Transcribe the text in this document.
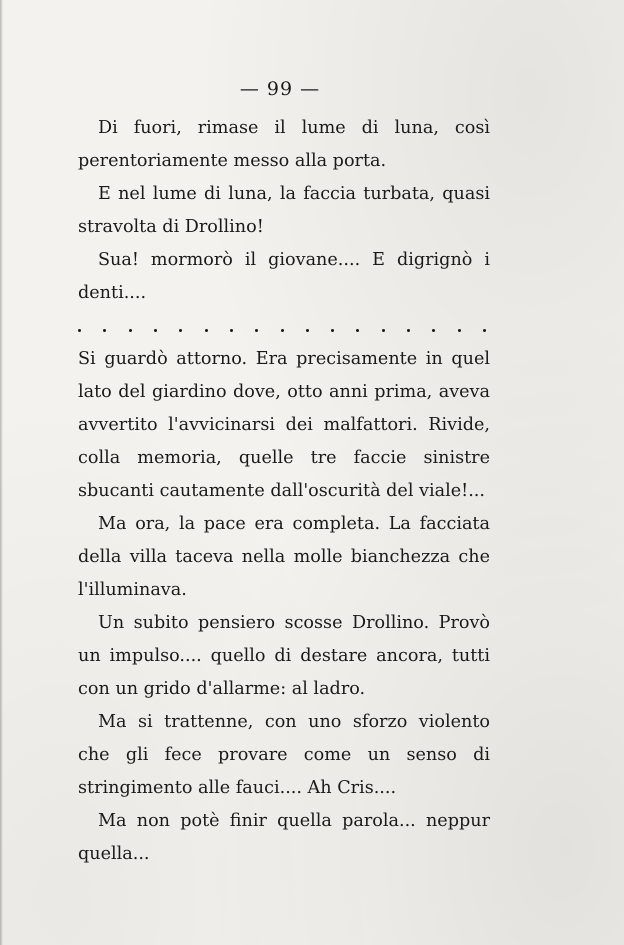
— 99 —

Di fuori, rimase il lume di luna, così perentoriamente messo alla porta.

E nel lume di luna, la faccia turbata, quasi stravolta di Drollino!

Sua! mormorò il giovane.... E digrignò i denti....

Si guardò attorno. Era precisamente in quel lato del giardino dove, otto anni prima, aveva avvertito l'avvicinarsi dei malfattori. Rivide, colla memoria, quelle tre faccie sinistre sbucanti cautamente dall'oscurità del viale!...

Ma ora, la pace era completa. La facciata della villa taceva nella molle bianchezza che l'illuminava.

Un subito pensiero scosse Drollino. Provò un impulso.... quello di destare ancora, tutti con un grido d'allarme: al ladro.

Ma si trattenne, con uno sforzo violento che gli fece provare come un senso di stringimento alle fauci.... Ah Cris....

Ma non potè finir quella parola... neppur quella...
